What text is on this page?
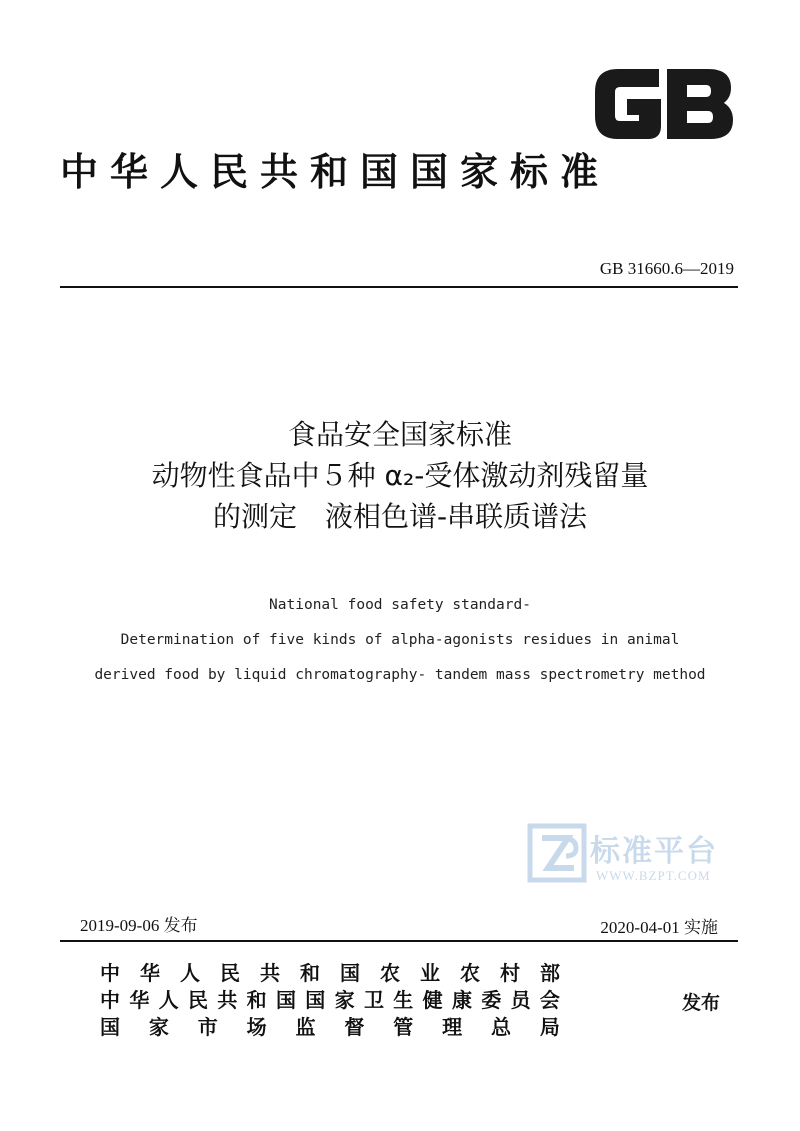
中华人民共和国国家标准
GB 31660.6—2019
食品安全国家标准
动物性食品中５种 α₂-受体激动剂残留量
的测定　液相色谱-串联质谱法
National food safety standard-
Determination of five kinds of alpha-agonists residues in animal
derived food by liquid chromatography- tandem mass spectrometry method
标准平台
WWW.BZPT.COM
2019-09-06 发布	2020-04-01 实施
中 华 人 民 共 和 国 农 业 农 村 部
中 华 人 民 共 和 国 国 家 卫 生 健 康 委 员 会
国 家 市 场 监 督 管 理 总 局
发布
